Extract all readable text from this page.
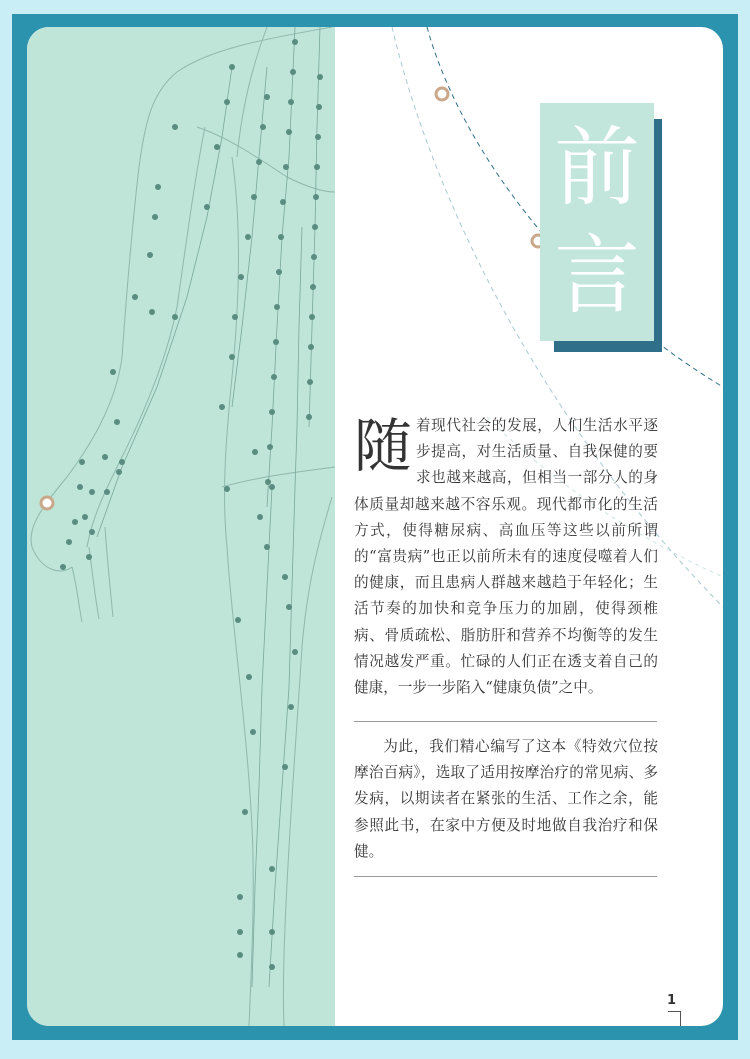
前
言
随着现代社会的发展，人们生活水平逐步提高，对生活质量、自我保健的要求也越来越高，但相当一部分人的身体质量却越来越不容乐观。现代都市化的生活方式，使得糖尿病、高血压等这些以前所谓的“富贵病”也正以前所未有的速度侵噬着人们的健康，而且患病人群越来越趋于年轻化；生活节奏的加快和竞争压力的加剧，使得颈椎病、骨质疏松、脂肪肝和营养不均衡等的发生情况越发严重。忙碌的人们正在透支着自己的健康，一步一步陷入“健康负债”之中。
为此，我们精心编写了这本《特效穴位按摩治百病》，选取了适用按摩治疗的常见病、多发病，以期读者在紧张的生活、工作之余，能参照此书，在家中方便及时地做自我治疗和保健。
1
